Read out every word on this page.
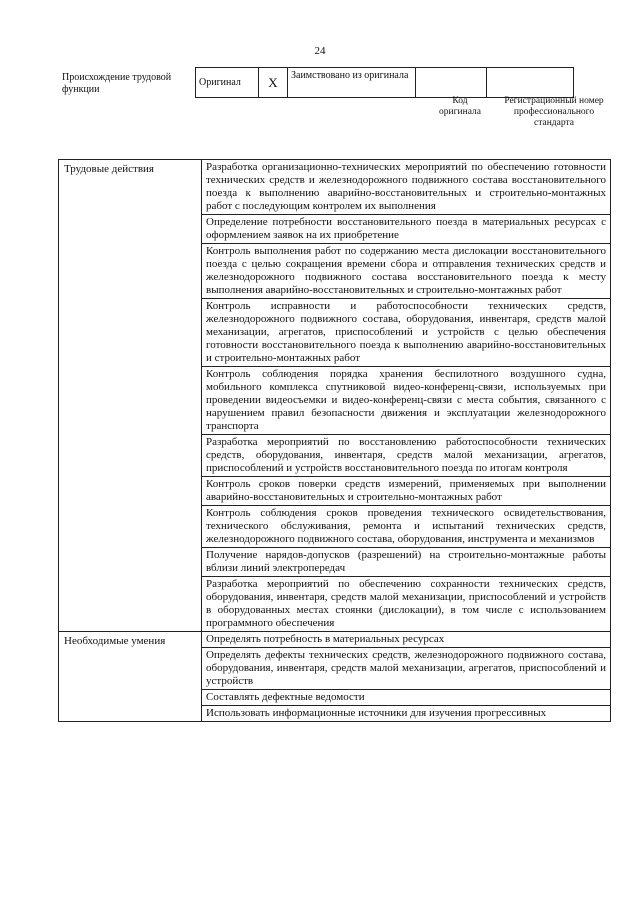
24
Происхождение трудовой функции
Оригинал	X	Заимствовано из оригинала		
Код оригинала
Регистрационный номер профессионального стандарта
Трудовые действия	Разработка организационно-технических мероприятий по обеспечению готовности технических средств и железнодорожного подвижного состава восстановительного поезда к выполнению аварийно-восстановительных и строительно-монтажных работ с последующим контролем их выполнения
	Определение потребности восстановительного поезда в материальных ресурсах с оформлением заявок на их приобретение
	Контроль выполнения работ по содержанию места дислокации восстановительного поезда с целью сокращения времени сбора и отправления технических средств и железнодорожного подвижного состава восстановительного поезда к месту выполнения аварийно-восстановительных и строительно-монтажных работ
	Контроль исправности и работоспособности технических средств, железнодорожного подвижного состава, оборудования, инвентаря, средств малой механизации, агрегатов, приспособлений и устройств с целью обеспечения готовности восстановительного поезда к выполнению аварийно-восстановительных и строительно-монтажных работ
	Контроль соблюдения порядка хранения беспилотного воздушного судна, мобильного комплекса спутниковой видео-конференц-связи, используемых при проведении видеосъемки и видео-конференц-связи с места события, связанного с нарушением правил безопасности движения и эксплуатации железнодорожного транспорта
	Разработка мероприятий по восстановлению работоспособности технических средств, оборудования, инвентаря, средств малой механизации, агрегатов, приспособлений и устройств восстановительного поезда по итогам контроля
	Контроль сроков поверки средств измерений, применяемых при выполнении аварийно-восстановительных и строительно-монтажных работ
	Контроль соблюдения сроков проведения технического освидетельствования, технического обслуживания, ремонта и испытаний технических средств, железнодорожного подвижного состава, оборудования, инструмента и механизмов
	Получение нарядов-допусков (разрешений) на строительно-монтажные работы вблизи линий электропередач
	Разработка мероприятий по обеспечению сохранности технических средств, оборудования, инвентаря, средств малой механизации, приспособлений и устройств в оборудованных местах стоянки (дислокации), в том числе с использованием программного обеспечения
Необходимые умения	Определять потребность в материальных ресурсах
	Определять дефекты технических средств, железнодорожного подвижного состава, оборудования, инвентаря, средств малой механизации, агрегатов, приспособлений и устройств
	Составлять дефектные ведомости
	Использовать информационные источники для изучения прогрессивных
